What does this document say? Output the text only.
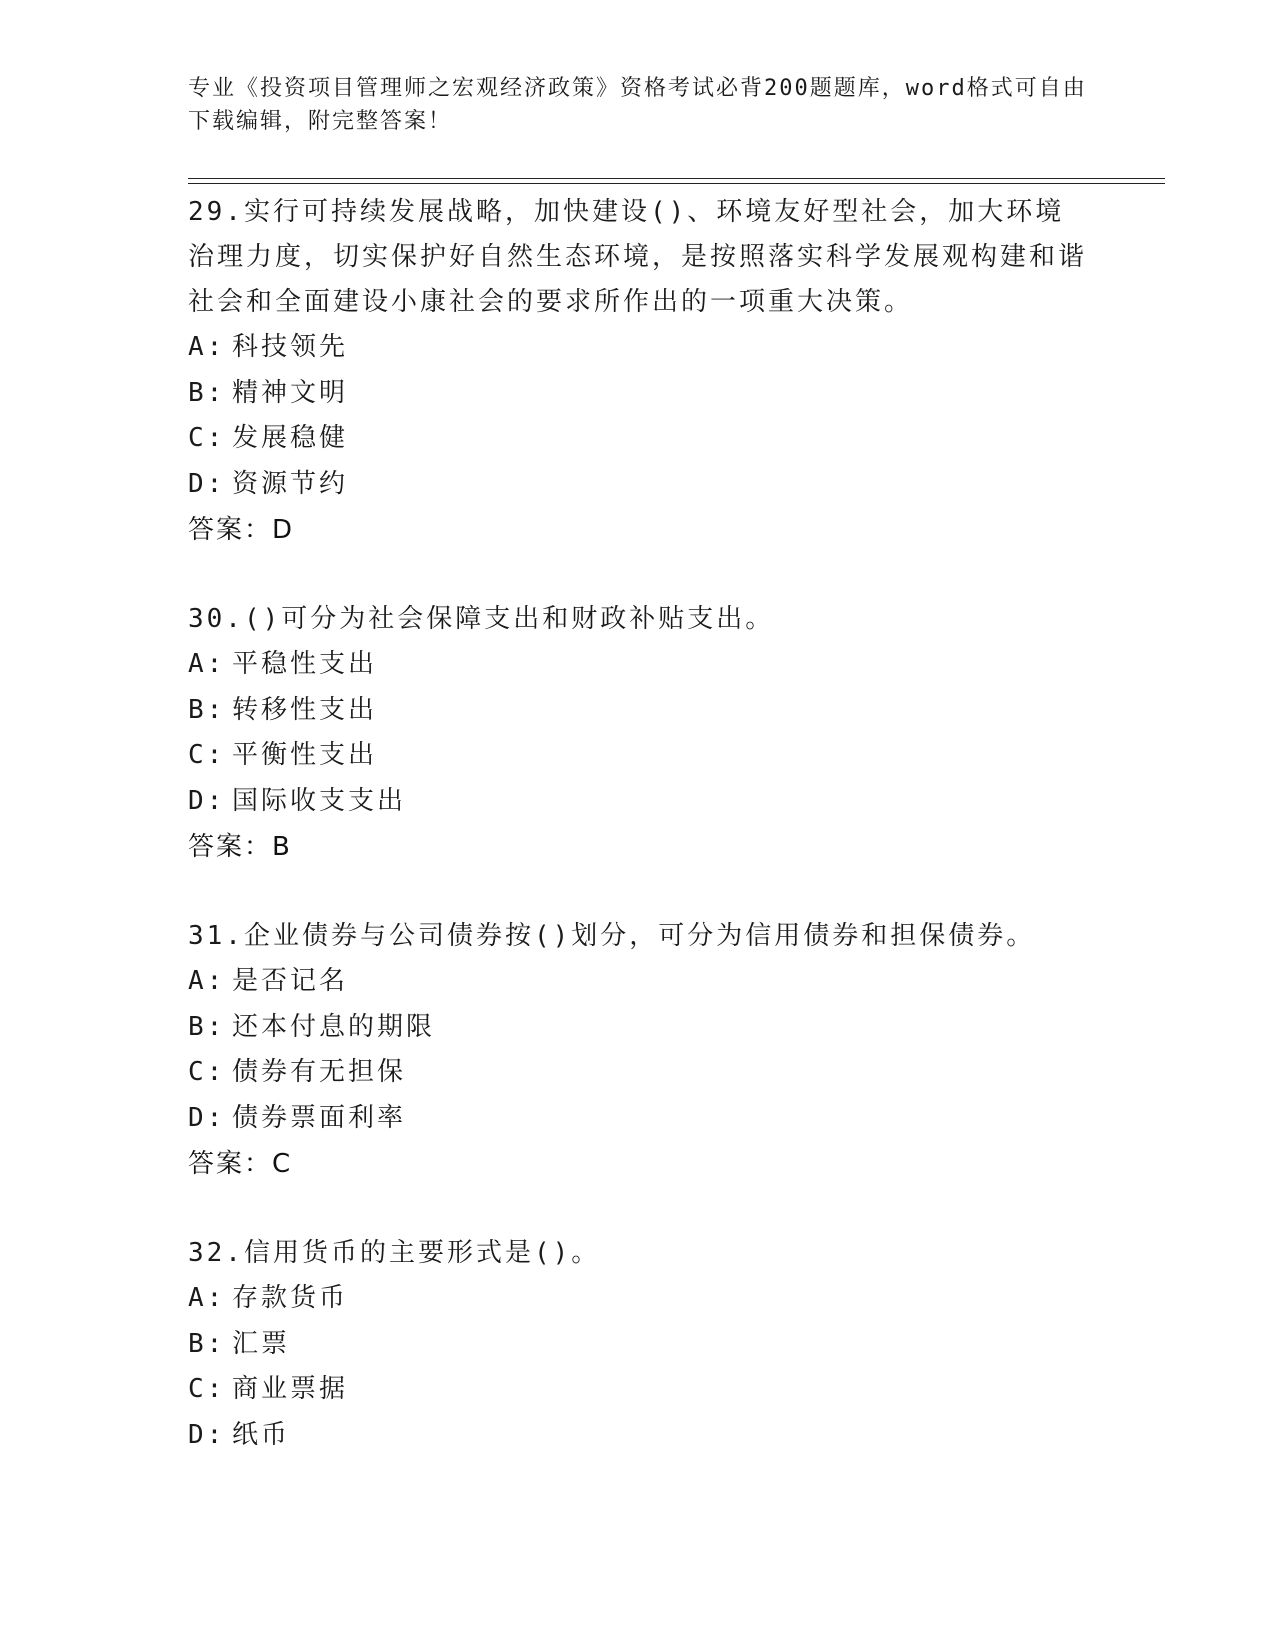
专业《投资项目管理师之宏观经济政策》资格考试必背200题题库，word格式可自由下载编辑，附完整答案！

29.实行可持续发展战略，加快建设()、环境友好型社会，加大环境治理力度，切实保护好自然生态环境，是按照落实科学发展观构建和谐社会和全面建设小康社会的要求所作出的一项重大决策。

A: 科技领先
B: 精神文明
C: 发展稳健
D: 资源节约
答案：D

30.()可分为社会保障支出和财政补贴支出。

A: 平稳性支出
B: 转移性支出
C: 平衡性支出
D: 国际收支支出
答案：B

31.企业债券与公司债券按()划分，可分为信用债券和担保债券。

A: 是否记名
B: 还本付息的期限
C: 债券有无担保
D: 债券票面利率
答案：C

32.信用货币的主要形式是()。

A: 存款货币
B: 汇票
C: 商业票据
D: 纸币
